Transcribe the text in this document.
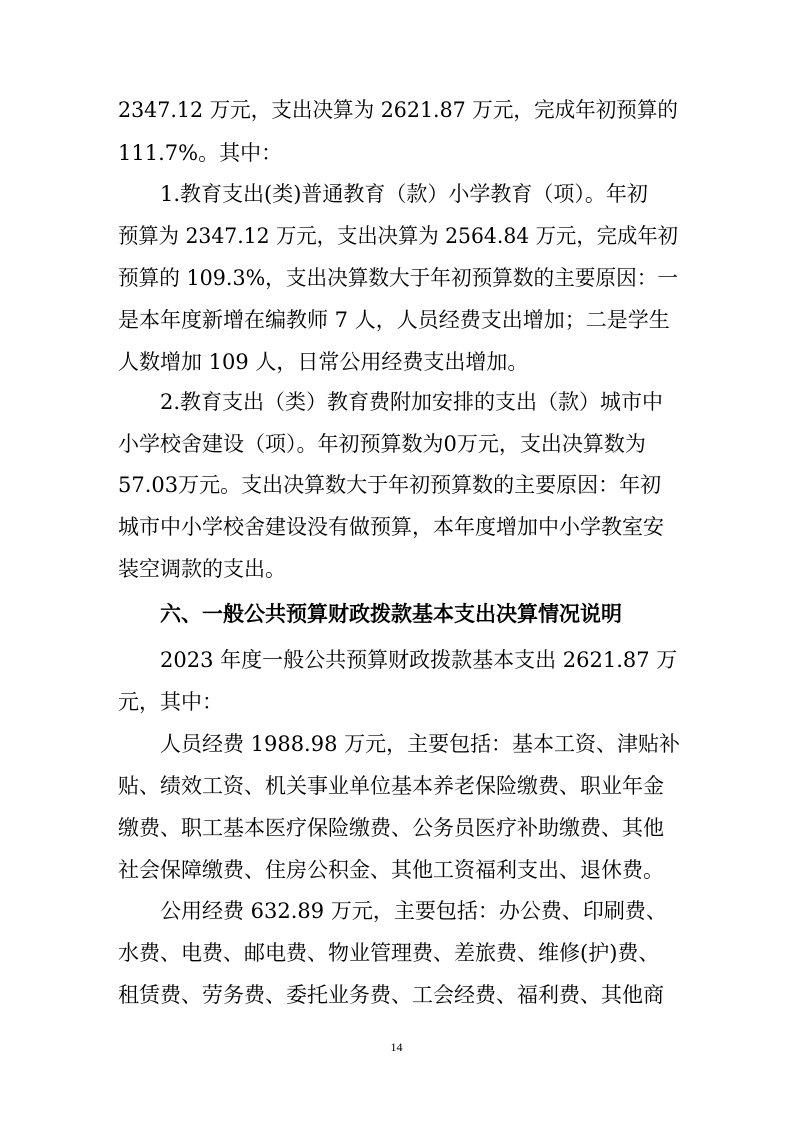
2347.12 万元，支出决算为 2621.87 万元，完成年初预算的
111.7%。其中：
1.教育支出(类)普通教育（款）小学教育（项）。年初
预算为 2347.12 万元，支出决算为 2564.84 万元，完成年初
预算的 109.3%，支出决算数大于年初预算数的主要原因：一
是本年度新增在编教师 7 人，人员经费支出增加；二是学生
人数增加 109 人，日常公用经费支出增加。
2.教育支出（类）教育费附加安排的支出（款）城市中
小学校舍建设（项）。年初预算数为0万元，支出决算数为
57.03万元。支出决算数大于年初预算数的主要原因：年初
城市中小学校舍建设没有做预算，本年度增加中小学教室安
装空调款的支出。
六、一般公共预算财政拨款基本支出决算情况说明
2023 年度一般公共预算财政拨款基本支出 2621.87 万
元，其中：
人员经费 1988.98 万元，主要包括：基本工资、津贴补
贴、绩效工资、机关事业单位基本养老保险缴费、职业年金
缴费、职工基本医疗保险缴费、公务员医疗补助缴费、其他
社会保障缴费、住房公积金、其他工资福利支出、退休费。
公用经费 632.89 万元，主要包括：办公费、印刷费、
水费、电费、邮电费、物业管理费、差旅费、维修(护)费、
租赁费、劳务费、委托业务费、工会经费、福利费、其他商
14
